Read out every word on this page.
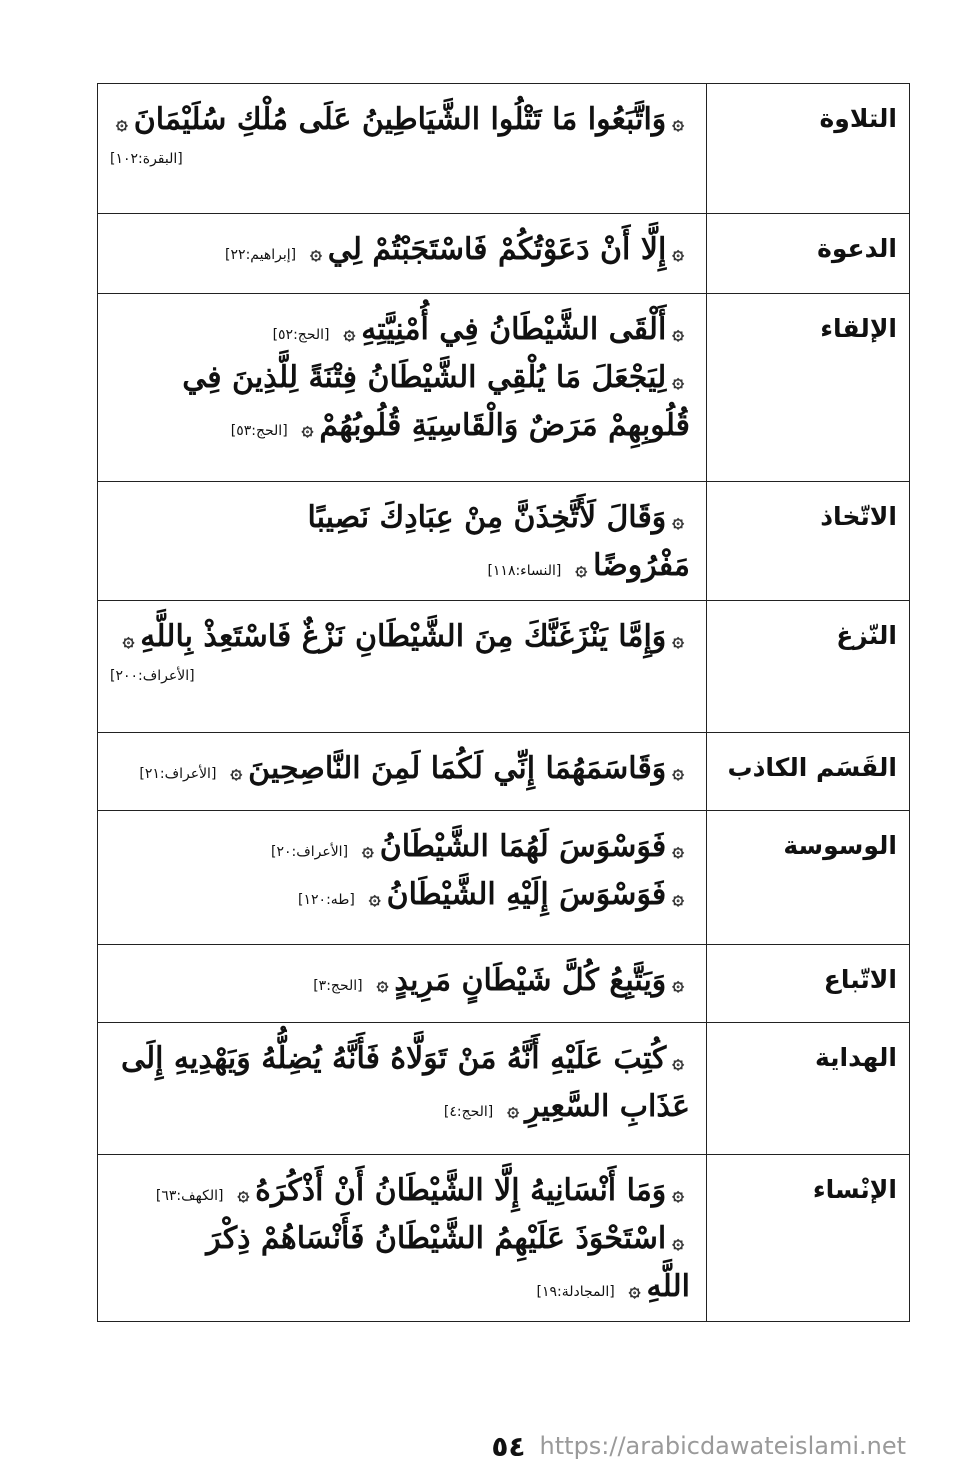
التلاوة	۞وَاتَّبَعُوا مَا تَتْلُوا الشَّيَاطِينُ عَلَى مُلْكِ سُلَيْمَانَ۞
[البقرة:١٠٢]

الدعوة	۞إِلَّا أَنْ دَعَوْتُكُمْ فَاسْتَجَبْتُمْ لِي۞[إبراهيم:٢٢]

الإلقاء	۞أَلْقَى الشَّيْطَانُ فِي أُمْنِيَّتِهِ۞[الحج:٥٢]
۞لِيَجْعَلَ مَا يُلْقِي الشَّيْطَانُ فِتْنَةً لِلَّذِينَ فِي قُلُوبِهِمْ مَرَضٌ وَالْقَاسِيَةِ قُلُوبُهُمْ۞[الحج:٥٣]

الاتّخاذ	۞وَقَالَ لَأَتَّخِذَنَّ مِنْ عِبَادِكَ نَصِيبًا مَفْرُوضًا۞[النساء:١١٨]

النّزغ	۞وَإِمَّا يَنْزَغَنَّكَ مِنَ الشَّيْطَانِ نَزْغٌ فَاسْتَعِذْ بِاللَّهِ۞
[الأعراف:٢٠٠]

القَسَم الكاذب	۞وَقَاسَمَهُمَا إِنِّي لَكُمَا لَمِنَ النَّاصِحِينَ۞[الأعراف:٢١]

الوسوسة	۞فَوَسْوَسَ لَهُمَا الشَّيْطَانُ۞[الأعراف:٢٠]
۞فَوَسْوَسَ إِلَيْهِ الشَّيْطَانُ۞[طه:١٢٠]

الاتّباع	۞وَيَتَّبِعُ كُلَّ شَيْطَانٍ مَرِيدٍ۞[الحج:٣]

الهداية	۞كُتِبَ عَلَيْهِ أَنَّهُ مَنْ تَوَلَّاهُ فَأَنَّهُ يُضِلُّهُ وَيَهْدِيهِ إِلَى عَذَابِ السَّعِيرِ۞[الحج:٤]

الإنْساء	۞وَمَا أَنْسَانِيهُ إِلَّا الشَّيْطَانُ أَنْ أَذْكُرَهُ۞[الكهف:٦٣]
۞اسْتَحْوَذَ عَلَيْهِمُ الشَّيْطَانُ فَأَنْسَاهُمْ ذِكْرَ اللَّهِ۞[المجادلة:١٩]
٥٤ https://arabicdawateislami.net
